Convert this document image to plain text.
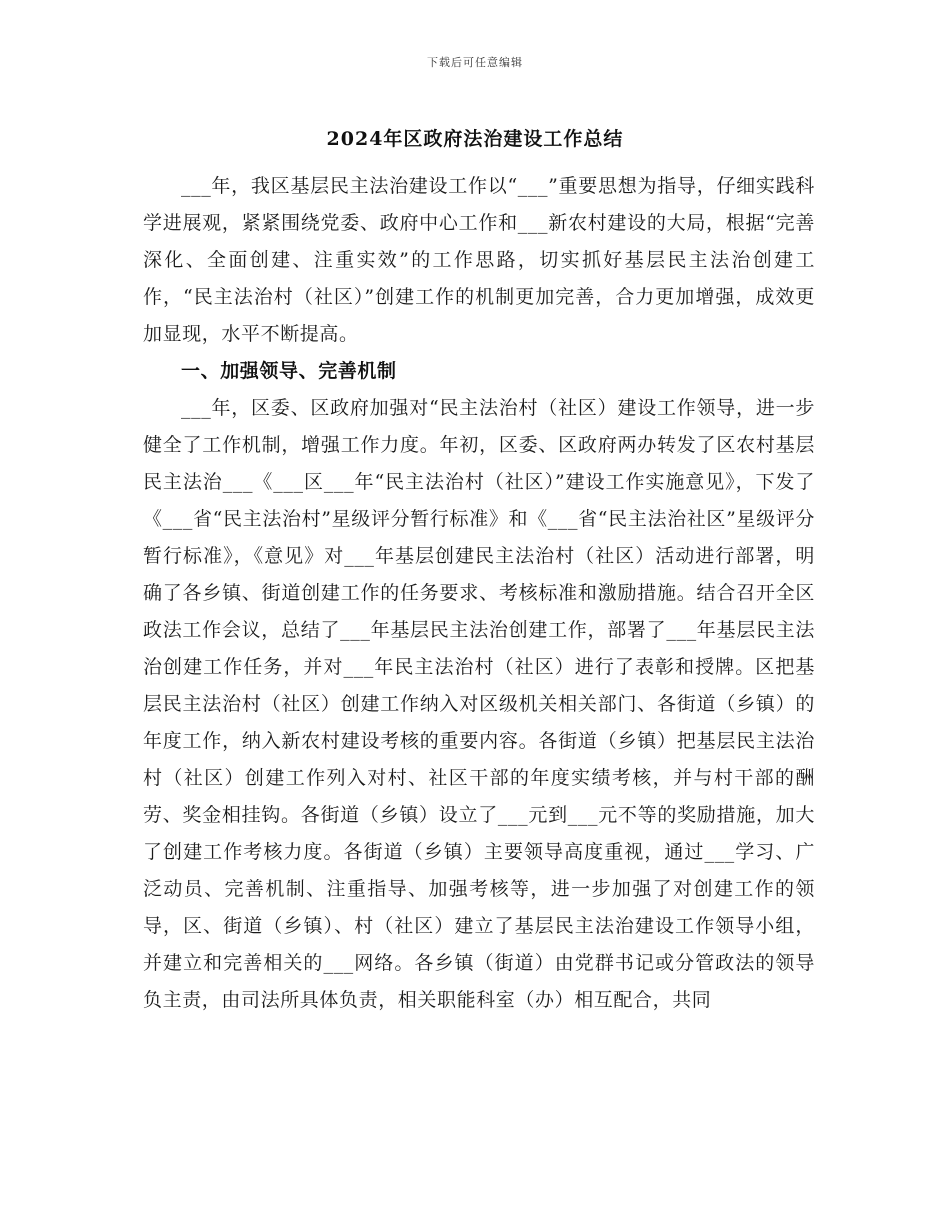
下载后可任意编辑
2024年区政府法治建设工作总结

___年，我区基层民主法治建设工作以“___”重要思想为指导，仔细实践科学进展观，紧紧围绕党委、政府中心工作和___新农村建设的大局，根据“完善深化、全面创建、注重实效”的工作思路，切实抓好基层民主法治创建工作，“民主法治村（社区）”创建工作的机制更加完善，合力更加增强，成效更加显现，水平不断提高。

一、加强领导、完善机制

___年，区委、区政府加强对“民主法治村（社区）建设工作领导，进一步健全了工作机制，增强工作力度。年初，区委、区政府两办转发了区农村基层民主法治___《___区___年“民主法治村（社区）”建设工作实施意见》，下发了《___省“民主法治村”星级评分暂行标准》和《___省“民主法治社区”星级评分暂行标准》，《意见》对___年基层创建民主法治村（社区）活动进行部署，明确了各乡镇、街道创建工作的任务要求、考核标准和激励措施。结合召开全区政法工作会议，总结了___年基层民主法治创建工作，部署了___年基层民主法治创建工作任务，并对___年民主法治村（社区）进行了表彰和授牌。区把基层民主法治村（社区）创建工作纳入对区级机关相关部门、各街道（乡镇）的年度工作，纳入新农村建设考核的重要内容。各街道（乡镇）把基层民主法治村（社区）创建工作列入对村、社区干部的年度实绩考核，并与村干部的酬劳、奖金相挂钩。各街道（乡镇）设立了___元到___元不等的奖励措施，加大了创建工作考核力度。各街道（乡镇）主要领导高度重视，通过___学习、广泛动员、完善机制、注重指导、加强考核等，进一步加强了对创建工作的领导，区、街道（乡镇）、村（社区）建立了基层民主法治建设工作领导小组，并建立和完善相关的___网络。各乡镇（街道）由党群书记或分管政法的领导负主责，由司法所具体负责，相关职能科室（办）相互配合，共同
